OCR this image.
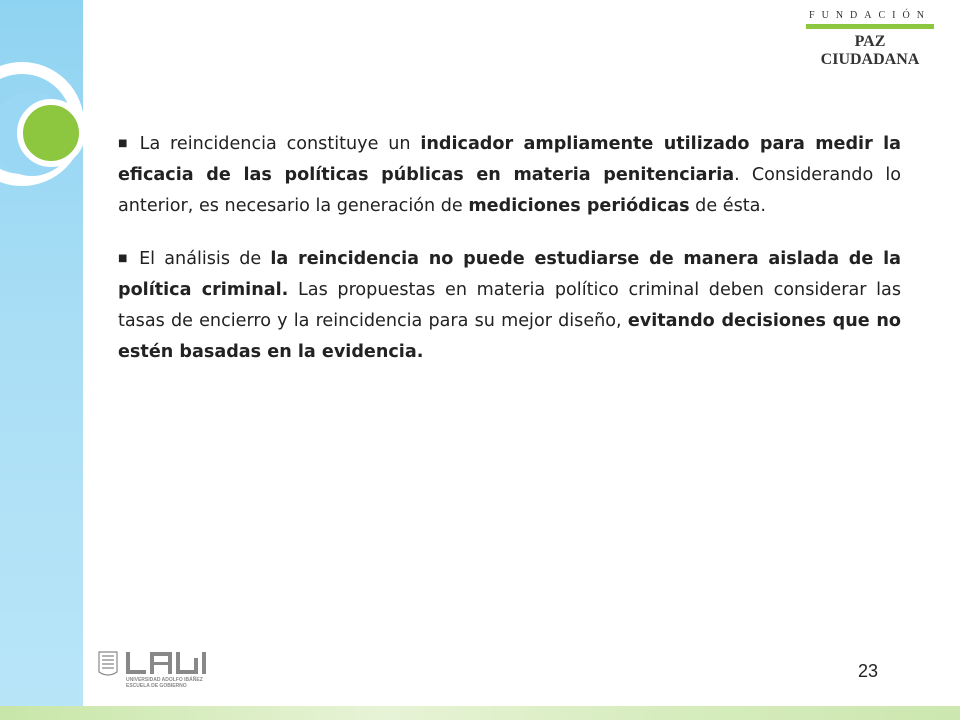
FUNDACIÓN
PAZ CIUDADANA

■ La reincidencia constituye un indicador ampliamente utilizado para medir la eficacia de las políticas públicas en materia penitenciaria. Considerando lo anterior, es necesario la generación de mediciones periódicas de ésta.

■ El análisis de la reincidencia no puede estudiarse de manera aislada de la política criminal. Las propuestas en materia político criminal deben considerar las tasas de encierro y la reincidencia para su mejor diseño, evitando decisiones que no estén basadas en la evidencia.

UNIVERSIDAD ADOLFO IBÁÑEZ
ESCUELA DE GOBIERNO
23
